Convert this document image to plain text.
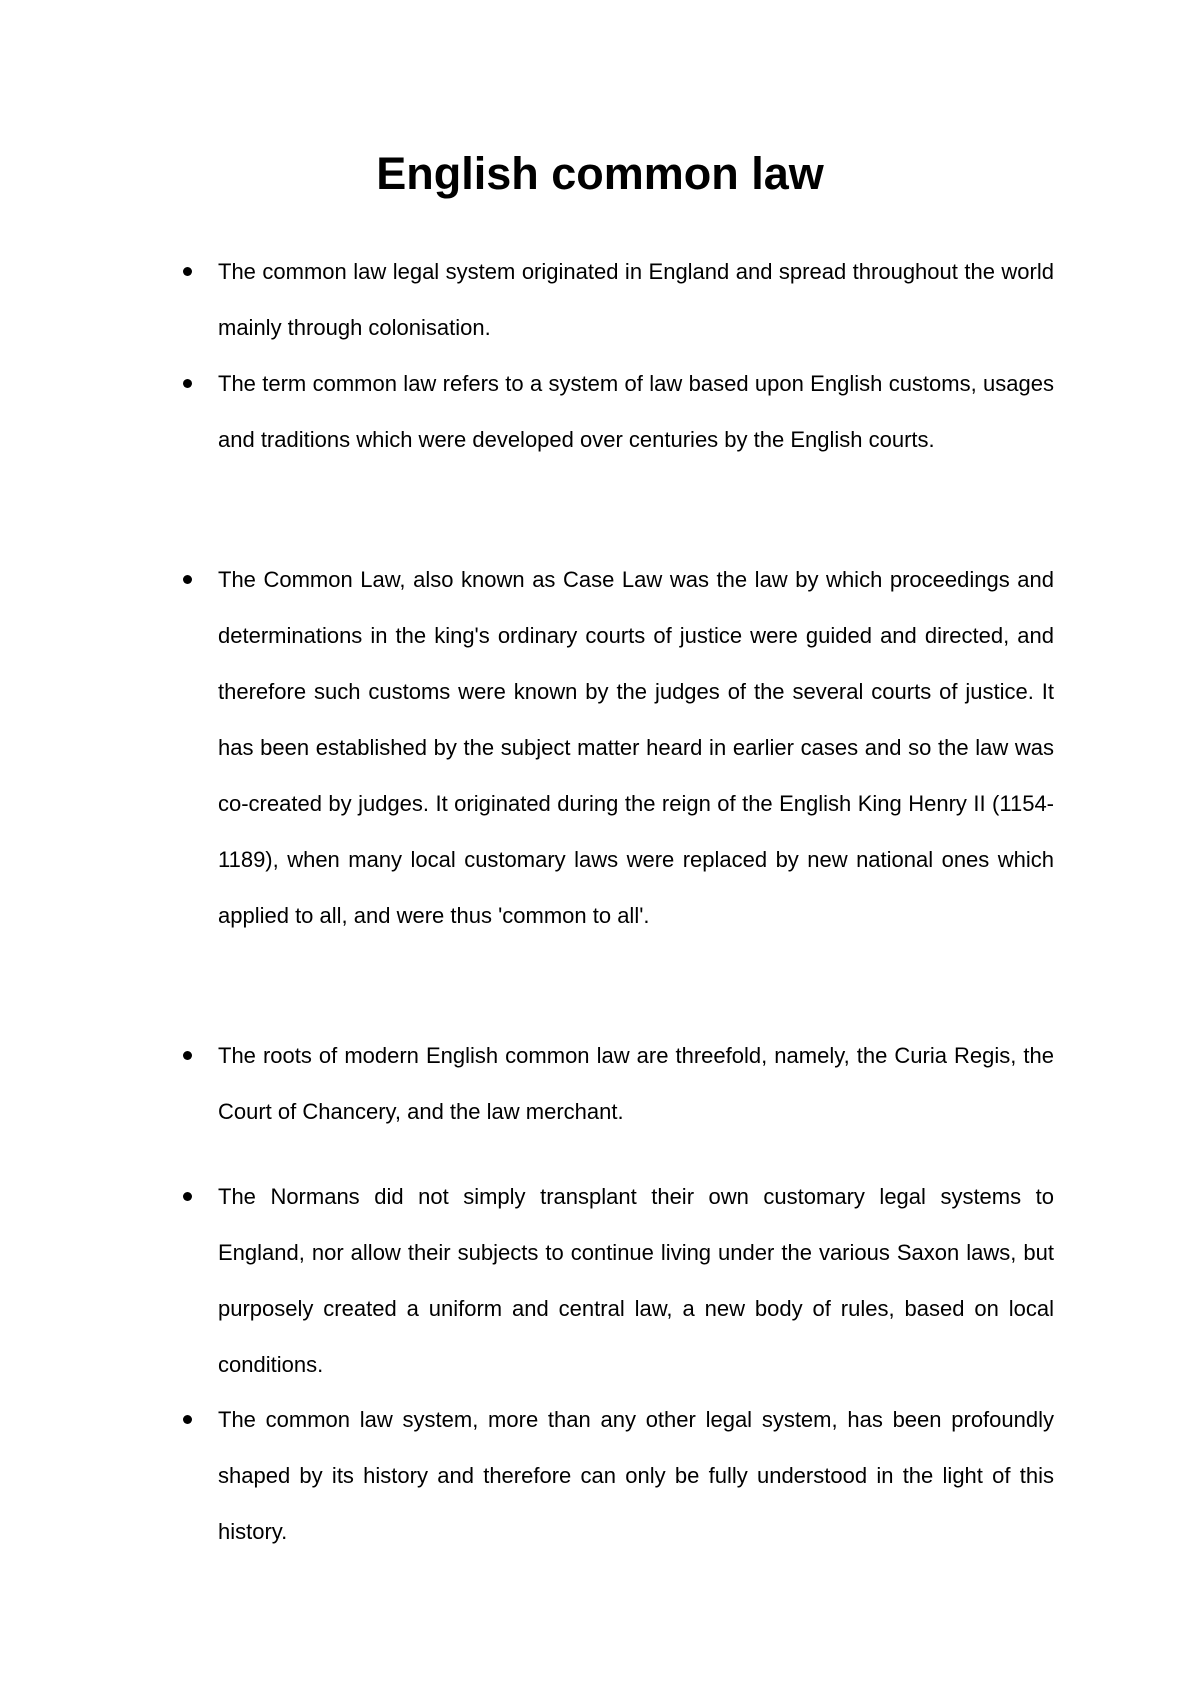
English common law

The common law legal system originated in England and spread throughout the world mainly through colonisation.

The term common law refers to a system of law based upon English customs, usages and traditions which were developed over centuries by the English courts.

The Common Law, also known as Case Law was the law by which proceedings and determinations in the king's ordinary courts of justice were guided and directed, and therefore such customs were known by the judges of the several courts of justice. It has been established by the subject matter heard in earlier cases and so the law was co-created by judges. It originated during the reign of the English King Henry II (1154-1189), when many local customary laws were replaced by new national ones which applied to all, and were thus 'common to all'.

The roots of modern English common law are threefold, namely, the Curia Regis, the Court of Chancery, and the law merchant.

The Normans did not simply transplant their own customary legal systems to England, nor allow their subjects to continue living under the various Saxon laws, but purposely created a uniform and central law, a new body of rules, based on local conditions.

The common law system, more than any other legal system, has been profoundly shaped by its history and therefore can only be fully understood in the light of this history.
